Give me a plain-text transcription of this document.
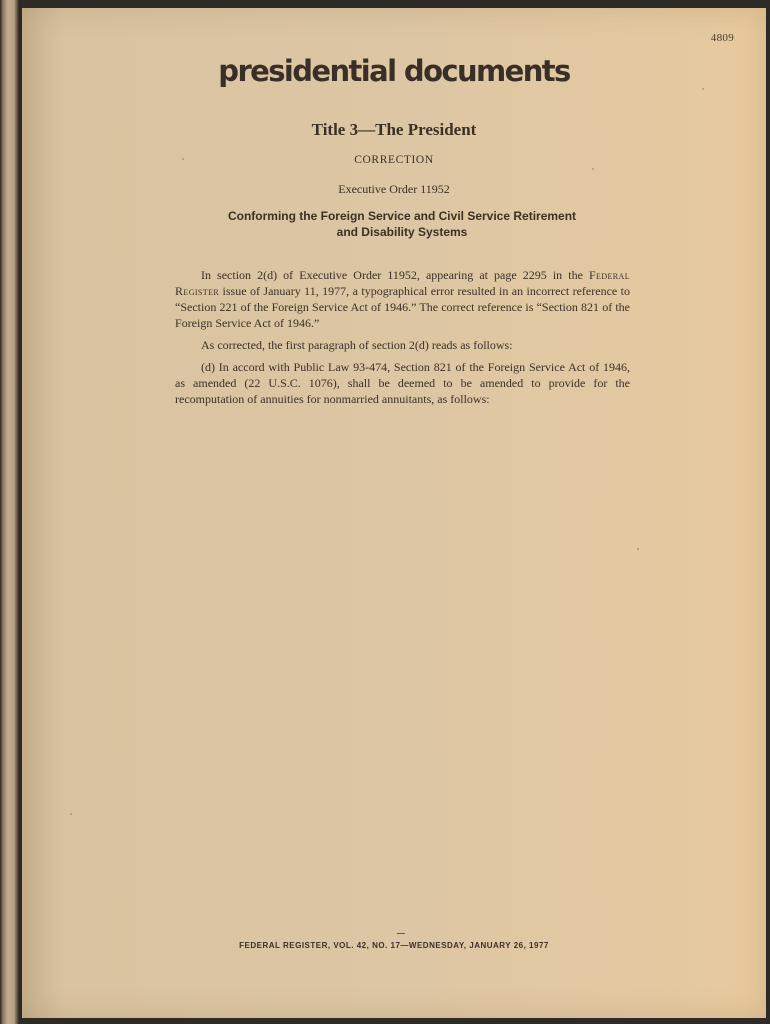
4809
presidential documents
Title 3—The President
CORRECTION
Executive Order 11952
Conforming the Foreign Service and Civil Service Retirement
and Disability Systems

In section 2(d) of Executive Order 11952, appearing at page 2295 in the Federal Register issue of January 11, 1977, a typographical error resulted in an incorrect reference to “Section 221 of the Foreign Service Act of 1946.” The correct reference is “Section 821 of the Foreign Service Act of 1946.”

As corrected, the first paragraph of section 2(d) reads as follows:

(d) In accord with Public Law 93-474, Section 821 of the Foreign Service Act of 1946, as amended (22 U.S.C. 1076), shall be deemed to be amended to provide for the recomputation of annuities for nonmarried annuitants, as follows:

FEDERAL REGISTER, VOL. 42, NO. 17—WEDNESDAY, JANUARY 26, 1977
